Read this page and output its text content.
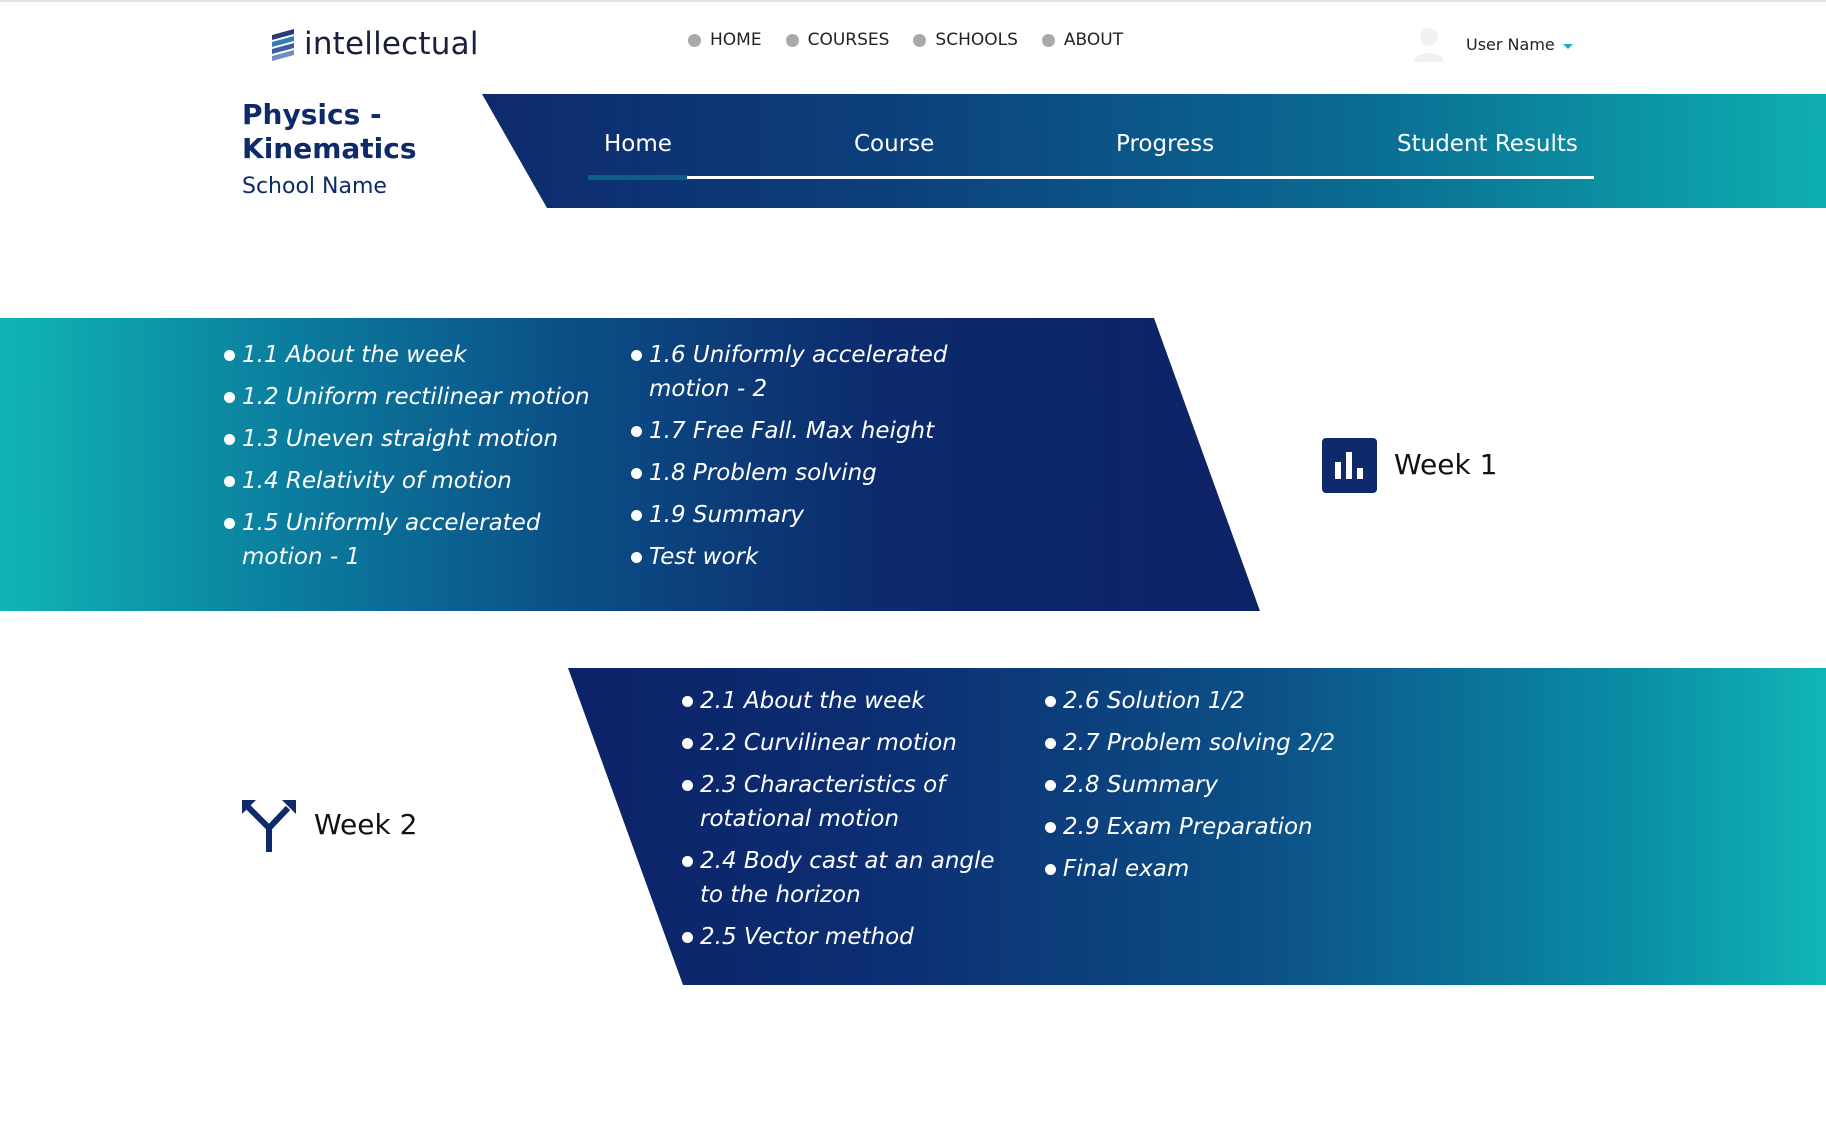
intellectual	HOME	COURSES	SCHOOLS	ABOUT	User Name
Physics - Kinematics
School Name
Home	Course	Progress	Student Results
1.1 About the week
1.2 Uniform rectilinear motion
1.3 Uneven straight motion
1.4 Relativity of motion
1.5 Uniformly accelerated motion - 1
1.6 Uniformly accelerated motion - 2
1.7 Free Fall. Max height
1.8 Problem solving
1.9 Summary
Test work
Week 1
Week 2
2.1 About the week
2.2 Curvilinear motion
2.3 Characteristics of rotational motion
2.4 Body cast at an angle to the horizon
2.5 Vector method
2.6 Solution 1/2
2.7 Problem solving 2/2
2.8 Summary
2.9 Exam Preparation
Final exam
